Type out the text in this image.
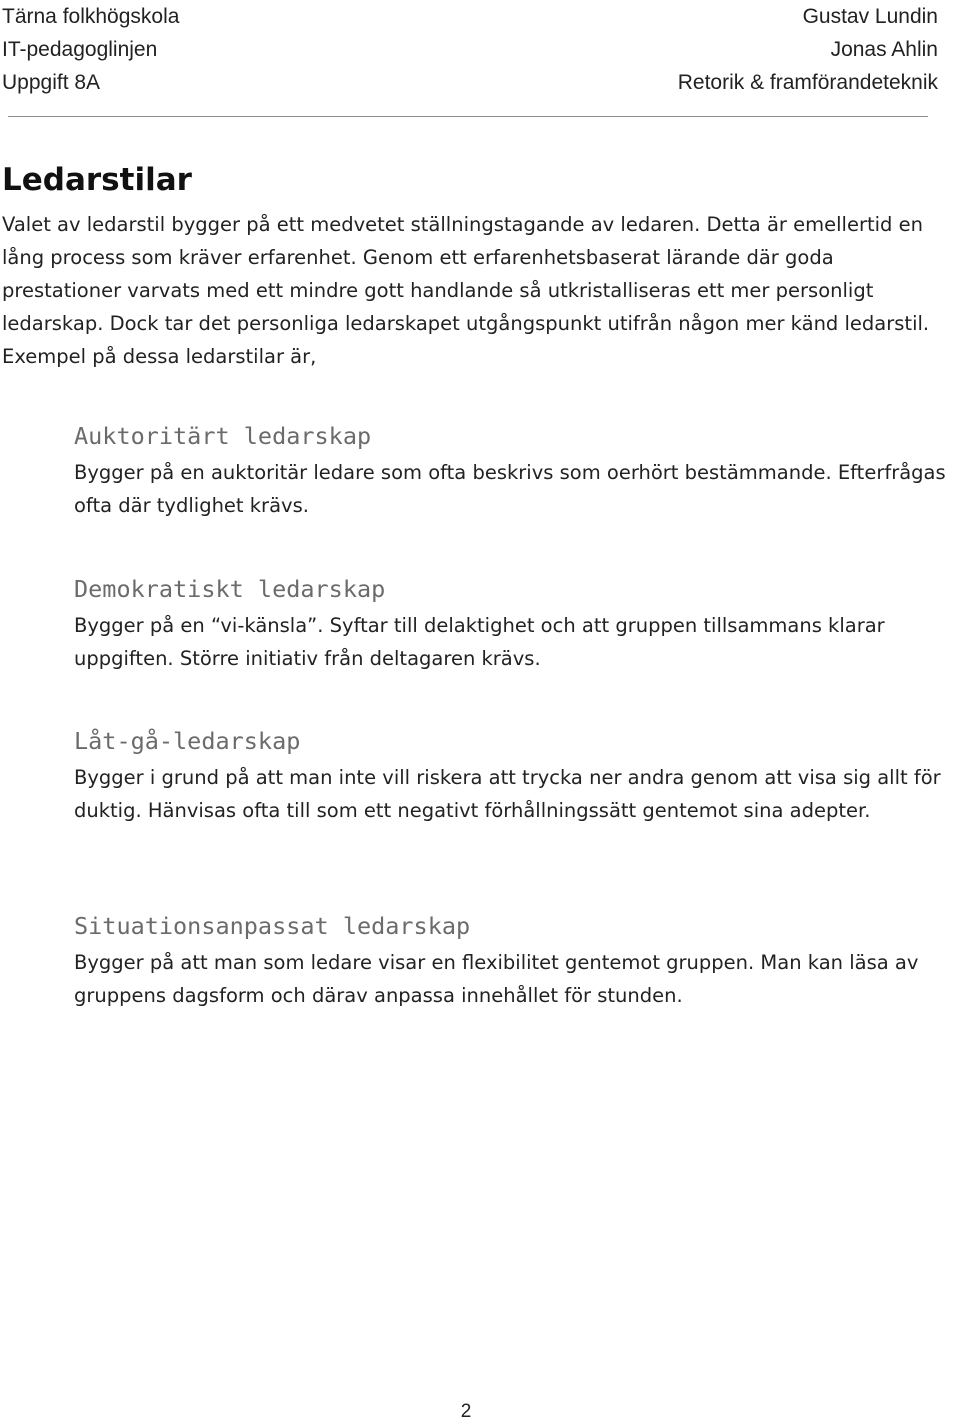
Tärna folkhögskola
IT-pedagoglinjen
Uppgift 8A
Gustav Lundin
Jonas Ahlin
Retorik & framförandeteknik
Ledarstilar

Valet av ledarstil bygger på ett medvetet ställningstagande av ledaren. Detta är emellertid en lång process som kräver erfarenhet. Genom ett erfarenhetsbaserat lärande där goda prestationer varvats med ett mindre gott handlande så utkristalliseras ett mer personligt ledarskap. Dock tar det personliga ledarskapet utgångspunkt utifrån någon mer känd ledarstil. Exempel på dessa ledarstilar är,

Auktoritärt ledarskap

Bygger på en auktoritär ledare som ofta beskrivs som oerhört bestämmande. Efterfrågas ofta där tydlighet krävs.

Demokratiskt ledarskap

Bygger på en “vi-känsla”. Syftar till delaktighet och att gruppen tillsammans klarar uppgiften. Större initiativ från deltagaren krävs.

Låt-gå-ledarskap

Bygger i grund på att man inte vill riskera att trycka ner andra genom att visa sig allt för duktig. Hänvisas ofta till som ett negativt förhållningssätt gentemot sina adepter.

Situationsanpassat ledarskap

Bygger på att man som ledare visar en flexibilitet gentemot gruppen. Man kan läsa av gruppens dagsform och därav anpassa innehållet för stunden.

2
